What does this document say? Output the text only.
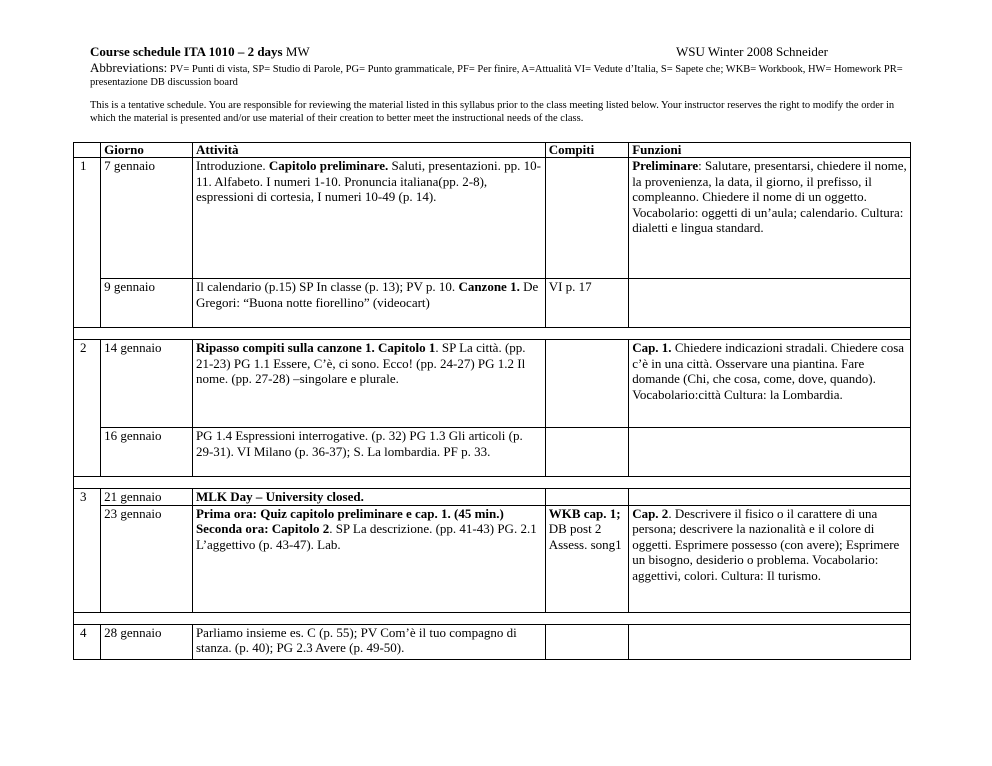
Course schedule ITA 1010 – 2 days MW	WSU Winter 2008 Schneider
Abbreviations: PV= Punti di vista, SP= Studio di Parole, PG= Punto grammaticale, PF= Per finire, A=Attualità VI= Vedute d’Italia, S= Sapete che; WKB= Workbook, HW= Homework PR= presentazione DB discussion board
This is a tentative schedule. You are responsible for reviewing the material listed in this syllabus prior to the class meeting listed below. Your instructor reserves the right to modify the order in which the material is presented and/or use material of their creation to better meet the instructional needs of the class.
	Giorno	Attività	Compiti	Funzioni
1	7 gennaio	Introduzione. Capitolo preliminare. Saluti, presentazioni. pp. 10-11. Alfabeto. I numeri 1-10. Pronuncia italiana(pp. 2-8), espressioni di cortesia, I numeri 10-49 (p. 14).		Preliminare: Salutare, presentarsi, chiedere il nome, la provenienza, la data, il giorno, il prefisso, il compleanno. Chiedere il nome di un oggetto. Vocabolario: oggetti di un’aula; calendario. Cultura: dialetti e lingua standard.
	9 gennaio	Il calendario (p.15) SP In classe (p. 13); PV p. 10. Canzone 1. De Gregori: “Buona notte fiorellino” (videocart)	VI p. 17	

2	14 gennaio	Ripasso compiti sulla canzone 1. Capitolo 1. SP La città. (pp. 21-23) PG 1.1 Essere, C’è, ci sono. Ecco! (pp. 24-27) PG 1.2 Il nome. (pp. 27-28) –singolare e plurale.		Cap. 1. Chiedere indicazioni stradali. Chiedere cosa c’è in una città. Osservare una piantina. Fare domande (Chi, che cosa, come, dove, quando). Vocabolario:città Cultura: la Lombardia.
	16 gennaio	PG 1.4 Espressioni interrogative. (p. 32) PG 1.3 Gli articoli (p. 29-31). VI Milano (p. 36-37); S. La lombardia. PF p. 33.		

3	21 gennaio	MLK Day – University closed.		
	23 gennaio	Prima ora: Quiz capitolo preliminare e cap. 1. (45 min.) Seconda ora: Capitolo 2. SP La descrizione. (pp. 41-43) PG. 2.1 L’aggettivo (p. 43-47). Lab.	WKB cap. 1; DB post 2 Assess. song1	Cap. 2. Descrivere il fisico o il carattere di una persona; descrivere la nazionalità e il colore di oggetti. Esprimere possesso (con avere); Esprimere un bisogno, desiderio o problema. Vocabolario: aggettivi, colori. Cultura: Il turismo.

4	28 gennaio	Parliamo insieme es. C (p. 55); PV Com’è il tuo compagno di stanza. (p. 40); PG 2.3 Avere (p. 49-50).		
